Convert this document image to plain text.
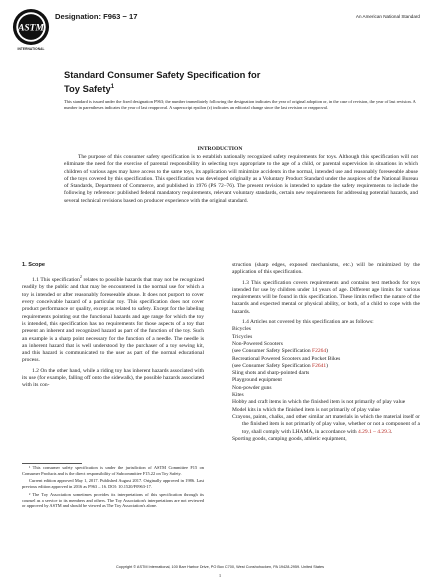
ASTM
INTERNATIONAL
Designation: F963 − 17	An American National Standard
Standard Consumer Safety Specification for
Toy Safety$^1$
This standard is issued under the fixed designation F963; the number immediately following the designation indicates the year of original adoption or, in the case of revision, the year of last revision. A number in parentheses indicates the year of last reapproval. A superscript epsilon (ε) indicates an editorial change since the last revision or reapproval.
INTRODUCTION
The purpose of this consumer safety specification is to establish nationally recognized safety requirements for toys. Although this specification will not eliminate the need for the exercise of parental responsibility in selecting toys appropriate to the age of a child, or parental supervision in situations in which children of various ages may have access to the same toys, its application will minimize accidents in the normal, intended use and reasonably foreseeable abuse of the toys covered by this specification. This specification was developed originally as a Voluntary Product Standard under the auspices of the National Bureau of Standards, Department of Commerce, and published in 1976 (PS 72–76). The present revision is intended to update the safety requirements to include the following by reference: published federal mandatory requirements, relevant voluntary standards, certain new requirements for addressing potential hazards, and several technical revisions based on producer experience with the original standard.

1. Scope

1.1 This specification$^2$ relates to possible hazards that may not be recognized readily by the public and that may be encountered in the normal use for which a toy is intended or after reasonably foreseeable abuse. It does not purport to cover every conceivable hazard of a particular toy. This specification does not cover product performance or quality, except as related to safety. Except for the labeling requirements pointing out the functional hazards and age range for which the toy is intended, this specification has no requirements for those aspects of a toy that present an inherent and recognized hazard as part of the function of the toy. Such an example is a sharp point necessary for the function of a needle. The needle is an inherent hazard that is well understood by the purchaser of a toy sewing kit, and this hazard is communicated to the user as part of the normal educational process.

1.2 On the other hand, while a riding toy has inherent hazards associated with its use (for example, falling off onto the sidewalk), the possible hazards associated with its con-

struction (sharp edges, exposed mechanisms, etc.) will be minimized by the application of this specification.

1.3 This specification covers requirements and contains test methods for toys intended for use by children under 14 years of age. Different age limits for various requirements will be found in this specification. These limits reflect the nature of the hazards and expected mental or physical ability, or both, of a child to cope with the hazards.

1.4 Articles not covered by this specification are as follows:

Bicycles

Tricycles

Non-Powered Scooters

(see Consumer Safety Specification F2264)

Recreational Powered Scooters and Pocket Bikes

(see Consumer Safety Specification F2641)

Sling shots and sharp-pointed darts

Playground equipment

Non-powder guns

Kites

Hobby and craft items in which the finished item is not primarily of play value

Model kits in which the finished item is not primarily of play value

Crayons, paints, chalks, and other similar art materials in which the material itself or the finished item is not primarily of play value, whether or not a component of a toy, shall comply with LHAMA, in accordance with 4.29.1 – 4.29.3.

Sporting goods, camping goods, athletic equipment,

¹ This consumer safety specification is under the jurisdiction of ASTM Committee F15 on Consumer Products and is the direct responsibility of Subcommittee F15.22 on Toy Safety.

Current edition approved May 1, 2017. Published August 2017. Originally approved in 1986. Last previous edition approved in 2016 as F963 – 16. DOI: 10.1520/F0963-17.

² The Toy Association sometimes provides its interpretations of this specification through its counsel as a service to its members and others. The Toy Association's interpretations are not reviewed or approved by ASTM and should be viewed as The Toy Association's alone.

Copyright © ASTM International, 100 Barr Harbor Drive, PO Box C700, West Conshohocken, PA 19428-2959. United States
1
